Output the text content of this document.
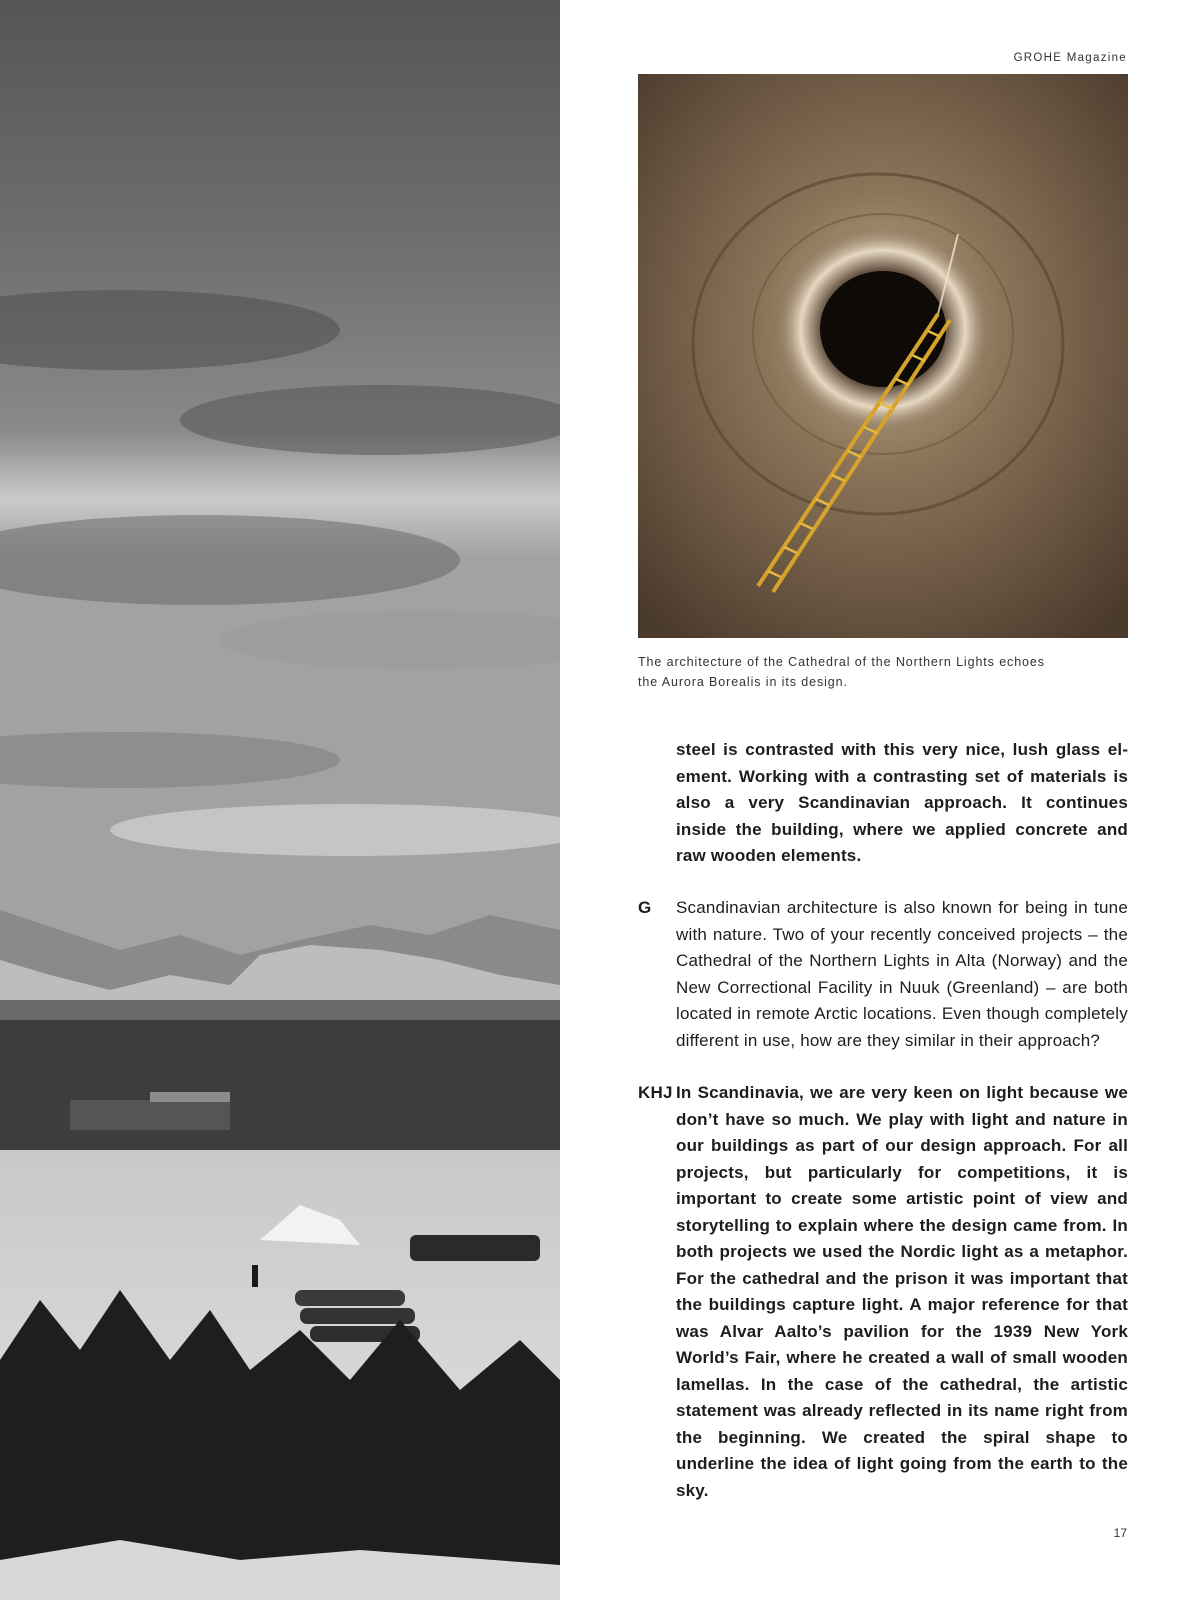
GROHE Magazine

The architecture of the Cathedral of the Northern Lights echoes

the Aurora Borealis in its design.

steel is contrasted with this very nice, lush glass element. Working with a contrasting set of materials is also a very Scandinavian approach. It continues inside the building, where we applied concrete and raw wooden elements.
G Scandinavian architecture is also known for being in tune with nature. Two of your recently conceived projects – the Cathedral of the Northern Lights in Alta (Norway) and the New Correctional Facility in Nuuk (Greenland) – are both located in remote Arctic locations. Even though completely different in use, how are they similar in their approach?
KHJ In Scandinavia, we are very keen on light because we don’t have so much. We play with light and nature in our buildings as part of our design approach. For all projects, but particularly for competitions, it is important to create some artistic point of view and storytelling to explain where the design came from. In both projects we used the Nordic light as a metaphor. For the cathedral and the prison it was important that the buildings capture light. A major reference for that was Alvar Aalto’s pavilion for the 1939 New York World’s Fair, where he created a wall of small wooden lamellas. In the case of the cathedral, the artistic statement was already reflected in its name right from the beginning. We created the spiral shape to underline the idea of light going from the earth to the sky.
17
